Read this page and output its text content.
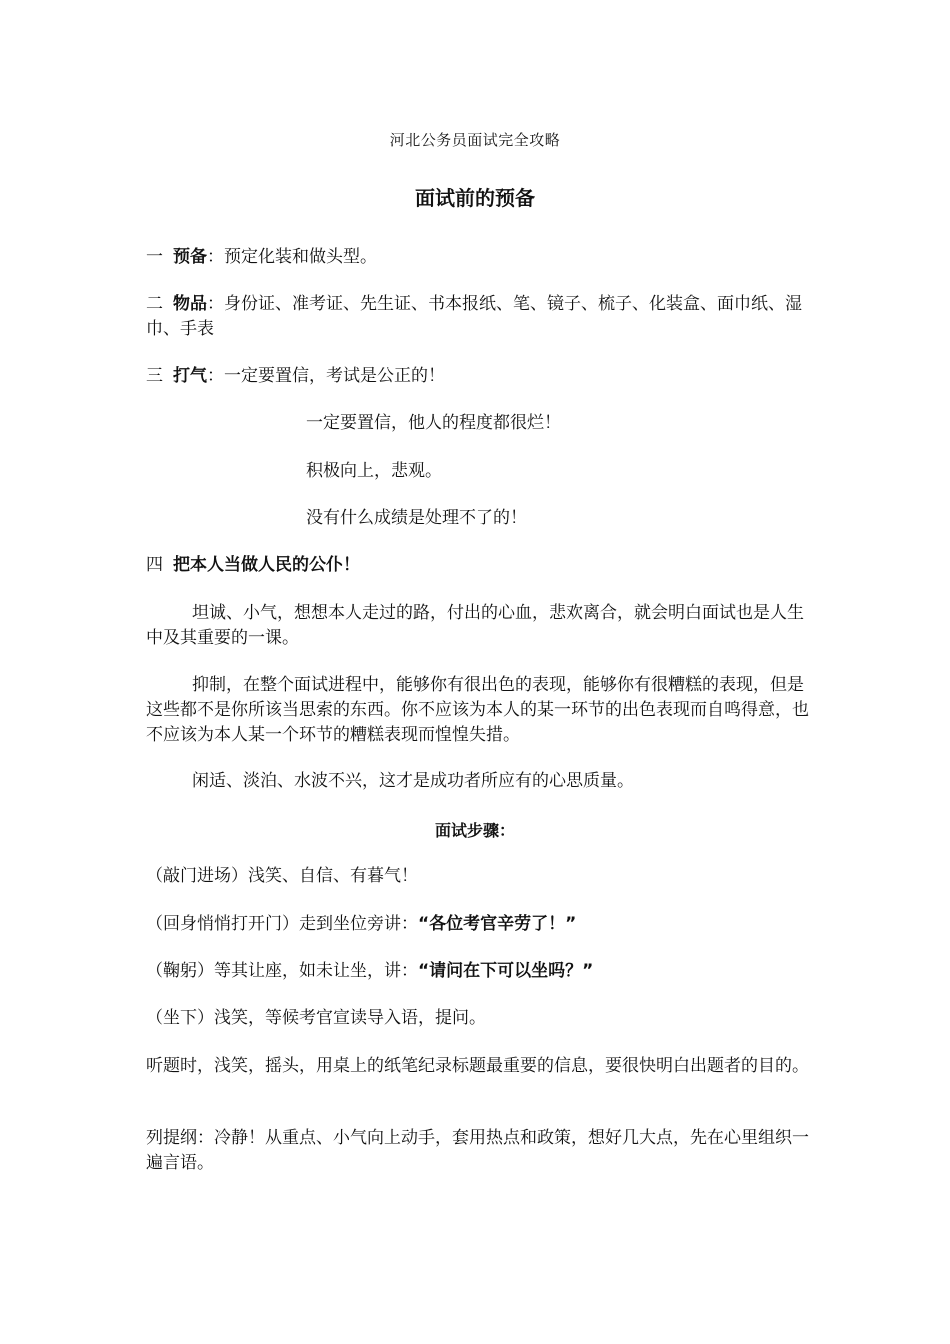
河北公务员面试完全攻略
面试前的预备
一 预备：预定化装和做头型。
二 物品：身份证、准考证、先生证、书本报纸、笔、镜子、梳子、化装盒、面巾纸、湿巾、手表
三 打气：一定要置信，考试是公正的！
一定要置信，他人的程度都很烂！
积极向上，悲观。
没有什么成绩是处理不了的！
四 把本人当做人民的公仆！
坦诚、小气，想想本人走过的路，付出的心血，悲欢离合，就会明白面试也是人生中及其重要的一课。
抑制，在整个面试进程中，能够你有很出色的表现，能够你有很糟糕的表现，但是这些都不是你所该当思索的东西。你不应该为本人的某一环节的出色表现而自鸣得意，也不应该为本人某一个环节的糟糕表现而惶惶失措。
闲适、淡泊、水波不兴，这才是成功者所应有的心思质量。
面试步骤：
（敲门进场）浅笑、自信、有暮气！
（回身悄悄打开门）走到坐位旁讲：“各位考官辛劳了！”
（鞠躬）等其让座，如未让坐，讲：“请问在下可以坐吗？”
（坐下）浅笑，等候考官宣读导入语，提问。
听题时，浅笑，摇头，用桌上的纸笔纪录标题最重要的信息，要很快明白出题者的目的。
列提纲：冷静！从重点、小气向上动手，套用热点和政策，想好几大点，先在心里组织一遍言语。
